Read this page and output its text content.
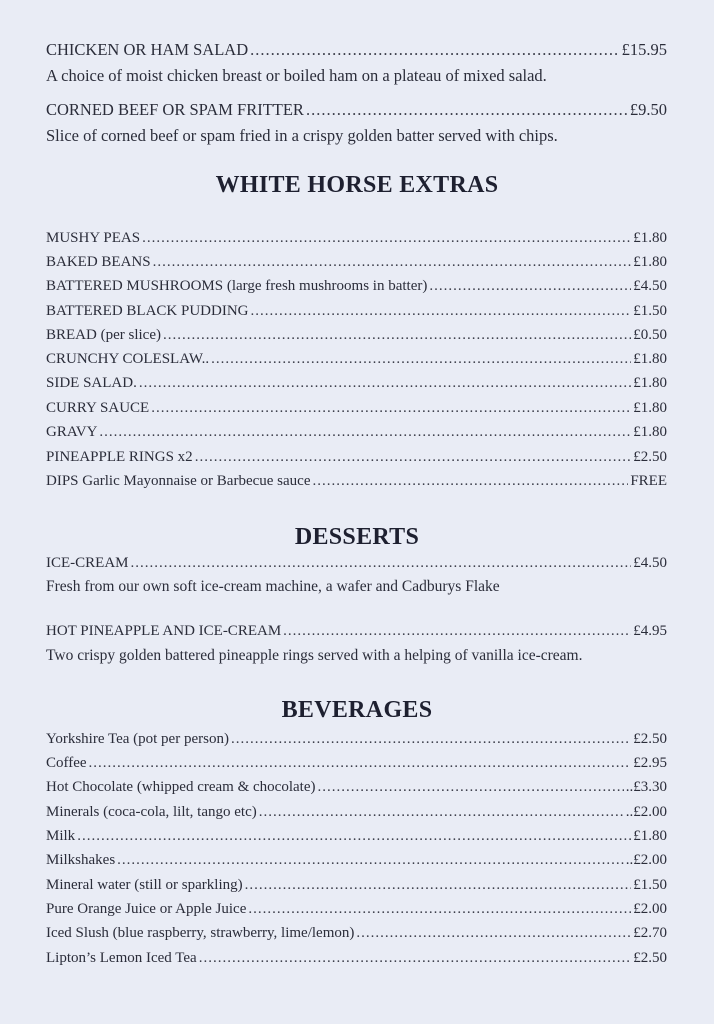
CHICKEN OR HAM SALAD .....	£15.95
A choice of moist chicken breast or boiled ham on a plateau of mixed salad.
CORNED BEEF OR SPAM FRITTER .....	£9.50
Slice of corned beef or spam fried in a crispy golden batter served with chips.
WHITE HORSE EXTRAS
MUSHY PEAS .....	£1.80
BAKED BEANS .....	£1.80
BATTERED MUSHROOMS (large fresh mushrooms in batter) .....	£4.50
BATTERED BLACK PUDDING .....	£1.50
BREAD (per slice) .....	£0.50
CRUNCHY COLESLAW.. .....	£1.80
SIDE SALAD. .....	£1.80
CURRY SAUCE .....	£1.80
GRAVY .....	£1.80
PINEAPPLE RINGS x2 .....	£2.50
DIPS Garlic Mayonnaise or Barbecue sauce .....	FREE
DESSERTS
ICE-CREAM .....	£4.50
Fresh from our own soft ice-cream machine, a wafer and Cadburys Flake
HOT PINEAPPLE AND ICE-CREAM .....	£4.95
Two crispy golden battered pineapple rings served with a helping of vanilla ice-cream.
BEVERAGES
Yorkshire Tea (pot per person) .....	£2.50
Coffee .....	£2.95
Hot Chocolate (whipped cream & chocolate) .....	..£3.30
Minerals (coca-cola, lilt, tango etc) .....	..£2.00
Milk .....	£1.80
Milkshakes .....	..£2.00
Mineral water (still or sparkling) .....	£1.50
Pure Orange Juice or Apple Juice .....	£2.00
Iced Slush (blue raspberry, strawberry, lime/lemon) .....	£2.70
Lipton’s Lemon Iced Tea .....	£2.50
